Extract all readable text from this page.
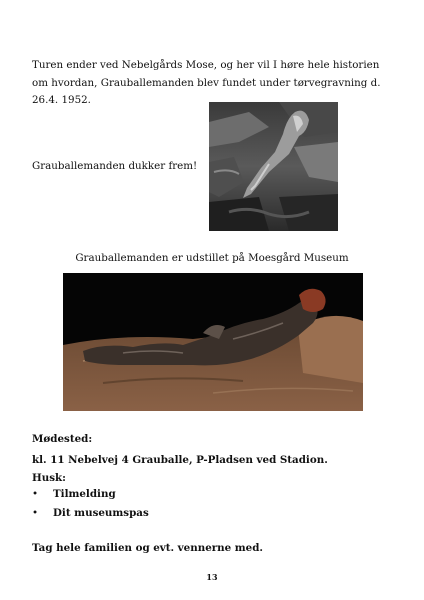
Turen ender ved Nebelgårds Mose, og her vil I høre hele historien om hvordan, Grauballemanden blev fundet under tørvegravning d. 26.4. 1952.

Grauballemanden dukker frem!

Grauballemanden er udstillet på Moesgård Museum

Mødested:

kl. 11 Nebelvej 4 Grauballe, P-Pladsen ved Stadion.

Husk:

• Tilmelding
• Dit museumspas

Tag hele familien og evt. vennerne med.

13
